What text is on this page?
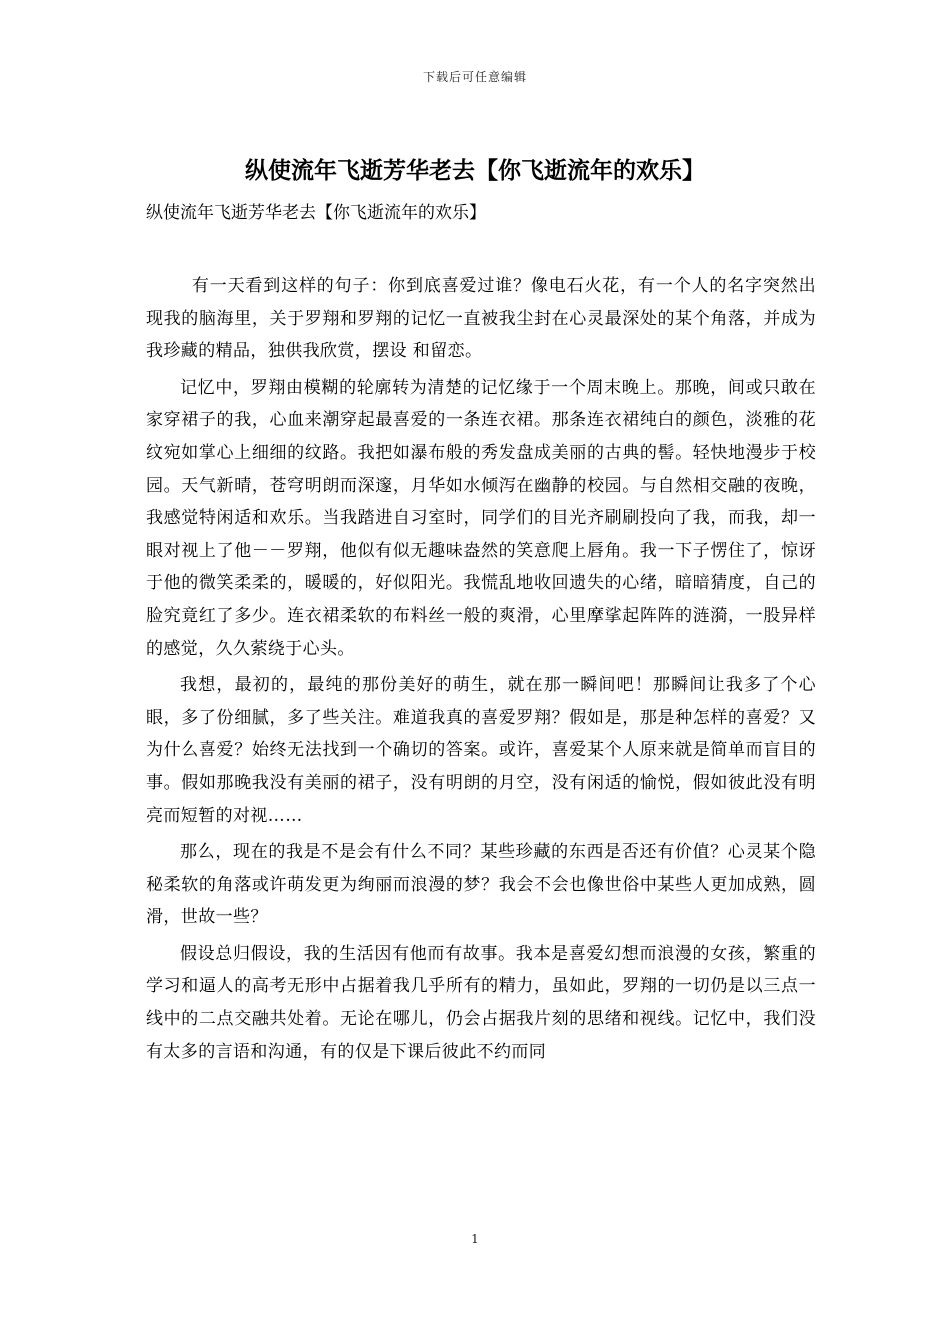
下载后可任意编辑
纵使流年飞逝芳华老去【你飞逝流年的欢乐】

纵使流年飞逝芳华老去【你飞逝流年的欢乐】

有一天看到这样的句子：你到底喜爱过谁？像电石火花，有一个人的名字突然出现我的脑海里，关于罗翔和罗翔的记忆一直被我尘封在心灵最深处的某个角落，并成为我珍藏的精品，独供我欣赏，摆设 和留恋。

记忆中，罗翔由模糊的轮廓转为清楚的记忆缘于一个周末晚上。那晚，间或只敢在家穿裙子的我，心血来潮穿起最喜爱的一条连衣裙。那条连衣裙纯白的颜色，淡雅的花纹宛如掌心上细细的纹路。我把如瀑布般的秀发盘成美丽的古典的髻。轻快地漫步于校园。天气新晴，苍穹明朗而深邃，月华如水倾泻在幽静的校园。与自然相交融的夜晚，我感觉特闲适和欢乐。当我踏进自习室时，同学们的目光齐刷刷投向了我，而我，却一眼对视上了他－－罗翔，他似有似无趣味盎然的笑意爬上唇角。我一下子愣住了，惊讶于他的微笑柔柔的，暖暖的，好似阳光。我慌乱地收回遗失的心绪，暗暗猜度，自己的脸究竟红了多少。连衣裙柔软的布料丝一般的爽滑，心里摩挲起阵阵的涟漪，一股异样的感觉，久久萦绕于心头。

我想，最初的，最纯的那份美好的萌生，就在那一瞬间吧！那瞬间让我多了个心眼，多了份细腻，多了些关注。难道我真的喜爱罗翔？假如是，那是种怎样的喜爱？又为什么喜爱？始终无法找到一个确切的答案。或许，喜爱某个人原来就是简单而盲目的事。假如那晚我没有美丽的裙子，没有明朗的月空，没有闲适的愉悦，假如彼此没有明亮而短暂的对视……

那么，现在的我是不是会有什么不同？某些珍藏的东西是否还有价值？心灵某个隐秘柔软的角落或许萌发更为绚丽而浪漫的梦？我会不会也像世俗中某些人更加成熟，圆滑，世故一些？

假设总归假设，我的生活因有他而有故事。我本是喜爱幻想而浪漫的女孩，繁重的学习和逼人的高考无形中占据着我几乎所有的精力，虽如此，罗翔的一切仍是以三点一线中的二点交融共处着。无论在哪儿，仍会占据我片刻的思绪和视线。记忆中，我们没有太多的言语和沟通，有的仅是下课后彼此不约而同

1
